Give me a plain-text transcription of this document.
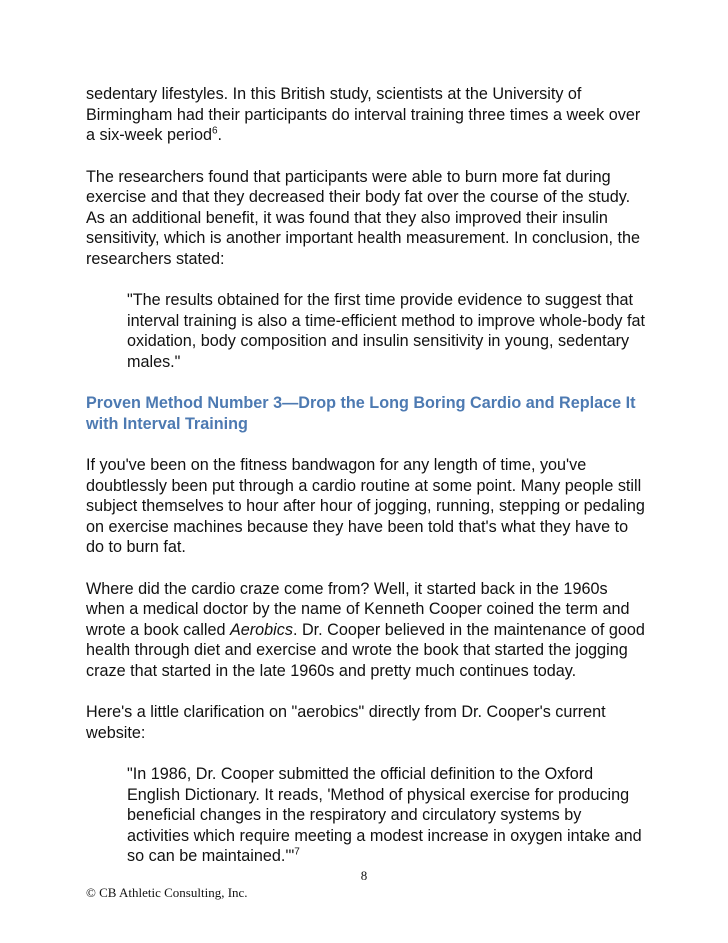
sedentary lifestyles. In this British study, scientists at the University of Birmingham had their participants do interval training three times a week over a six-week period$^6$.

The researchers found that participants were able to burn more fat during exercise and that they decreased their body fat over the course of the study. As an additional benefit, it was found that they also improved their insulin sensitivity, which is another important health measurement. In conclusion, the researchers stated:

"The results obtained for the first time provide evidence to suggest that interval training is also a time-efficient method to improve whole-body fat oxidation, body composition and insulin sensitivity in young, sedentary males."

Proven Method Number 3—Drop the Long Boring Cardio and Replace It with Interval Training

If you've been on the fitness bandwagon for any length of time, you've doubtlessly been put through a cardio routine at some point. Many people still subject themselves to hour after hour of jogging, running, stepping or pedaling on exercise machines because they have been told that's what they have to do to burn fat.

Where did the cardio craze come from? Well, it started back in the 1960s when a medical doctor by the name of Kenneth Cooper coined the term and wrote a book called Aerobics. Dr. Cooper believed in the maintenance of good health through diet and exercise and wrote the book that started the jogging craze that started in the late 1960s and pretty much continues today.

Here's a little clarification on "aerobics" directly from Dr. Cooper's current website:

"In 1986, Dr. Cooper submitted the official definition to the Oxford English Dictionary. It reads, 'Method of physical exercise for producing beneficial changes in the respiratory and circulatory systems by activities which require meeting a modest increase in oxygen intake and so can be maintained.'"$^7$

8
© CB Athletic Consulting, Inc.
